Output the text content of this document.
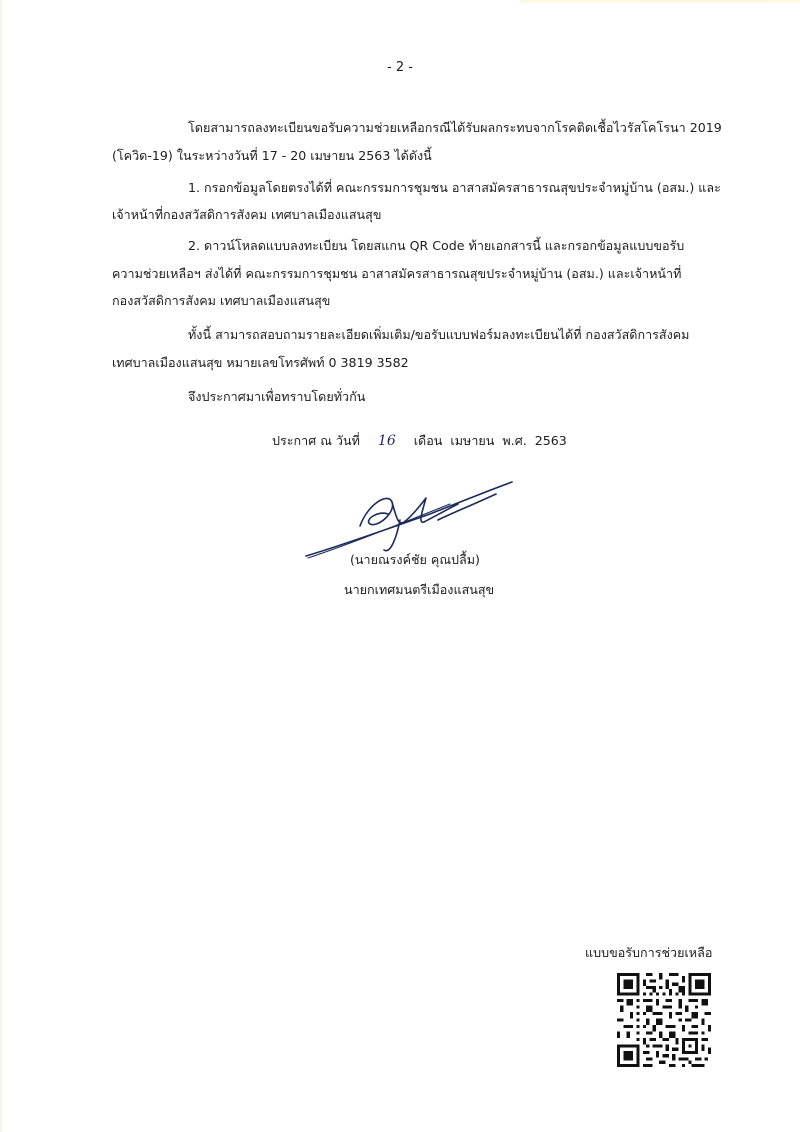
- 2 -
โดยสามารถลงทะเบียนขอรับความช่วยเหลือกรณีได้รับผลกระทบจากโรคติดเชื้อไวรัสโคโรนา 2019
(โควิด-19) ในระหว่างวันที่ 17 - 20 เมษายน 2563 ได้ดังนี้
1. กรอกข้อมูลโดยตรงได้ที่ คณะกรรมการชุมชน อาสาสมัครสาธารณสุขประจำหมู่บ้าน (อสม.) และ
เจ้าหน้าที่กองสวัสดิการสังคม เทศบาลเมืองแสนสุข
2. ดาวน์โหลดแบบลงทะเบียน โดยสแกน QR Code ท้ายเอกสารนี้ และกรอกข้อมูลแบบขอรับ
ความช่วยเหลือฯ ส่งได้ที่ คณะกรรมการชุมชน อาสาสมัครสาธารณสุขประจำหมู่บ้าน (อสม.) และเจ้าหน้าที่
กองสวัสดิการสังคม เทศบาลเมืองแสนสุข
ทั้งนี้ สามารถสอบถามรายละเอียดเพิ่มเติม/ขอรับแบบฟอร์มลงทะเบียนได้ที่ กองสวัสดิการสังคม
เทศบาลเมืองแสนสุข หมายเลขโทรศัพท์ 0 3819 3582
จึงประกาศมาเพื่อทราบโดยทั่วกัน
ประกาศ ณ วันที่ 16 เดือน เมษายน พ.ศ. 2563
(นายณรงค์ชัย คุณปลื้ม)
นายกเทศมนตรีเมืองแสนสุข
แบบขอรับการช่วยเหลือ
